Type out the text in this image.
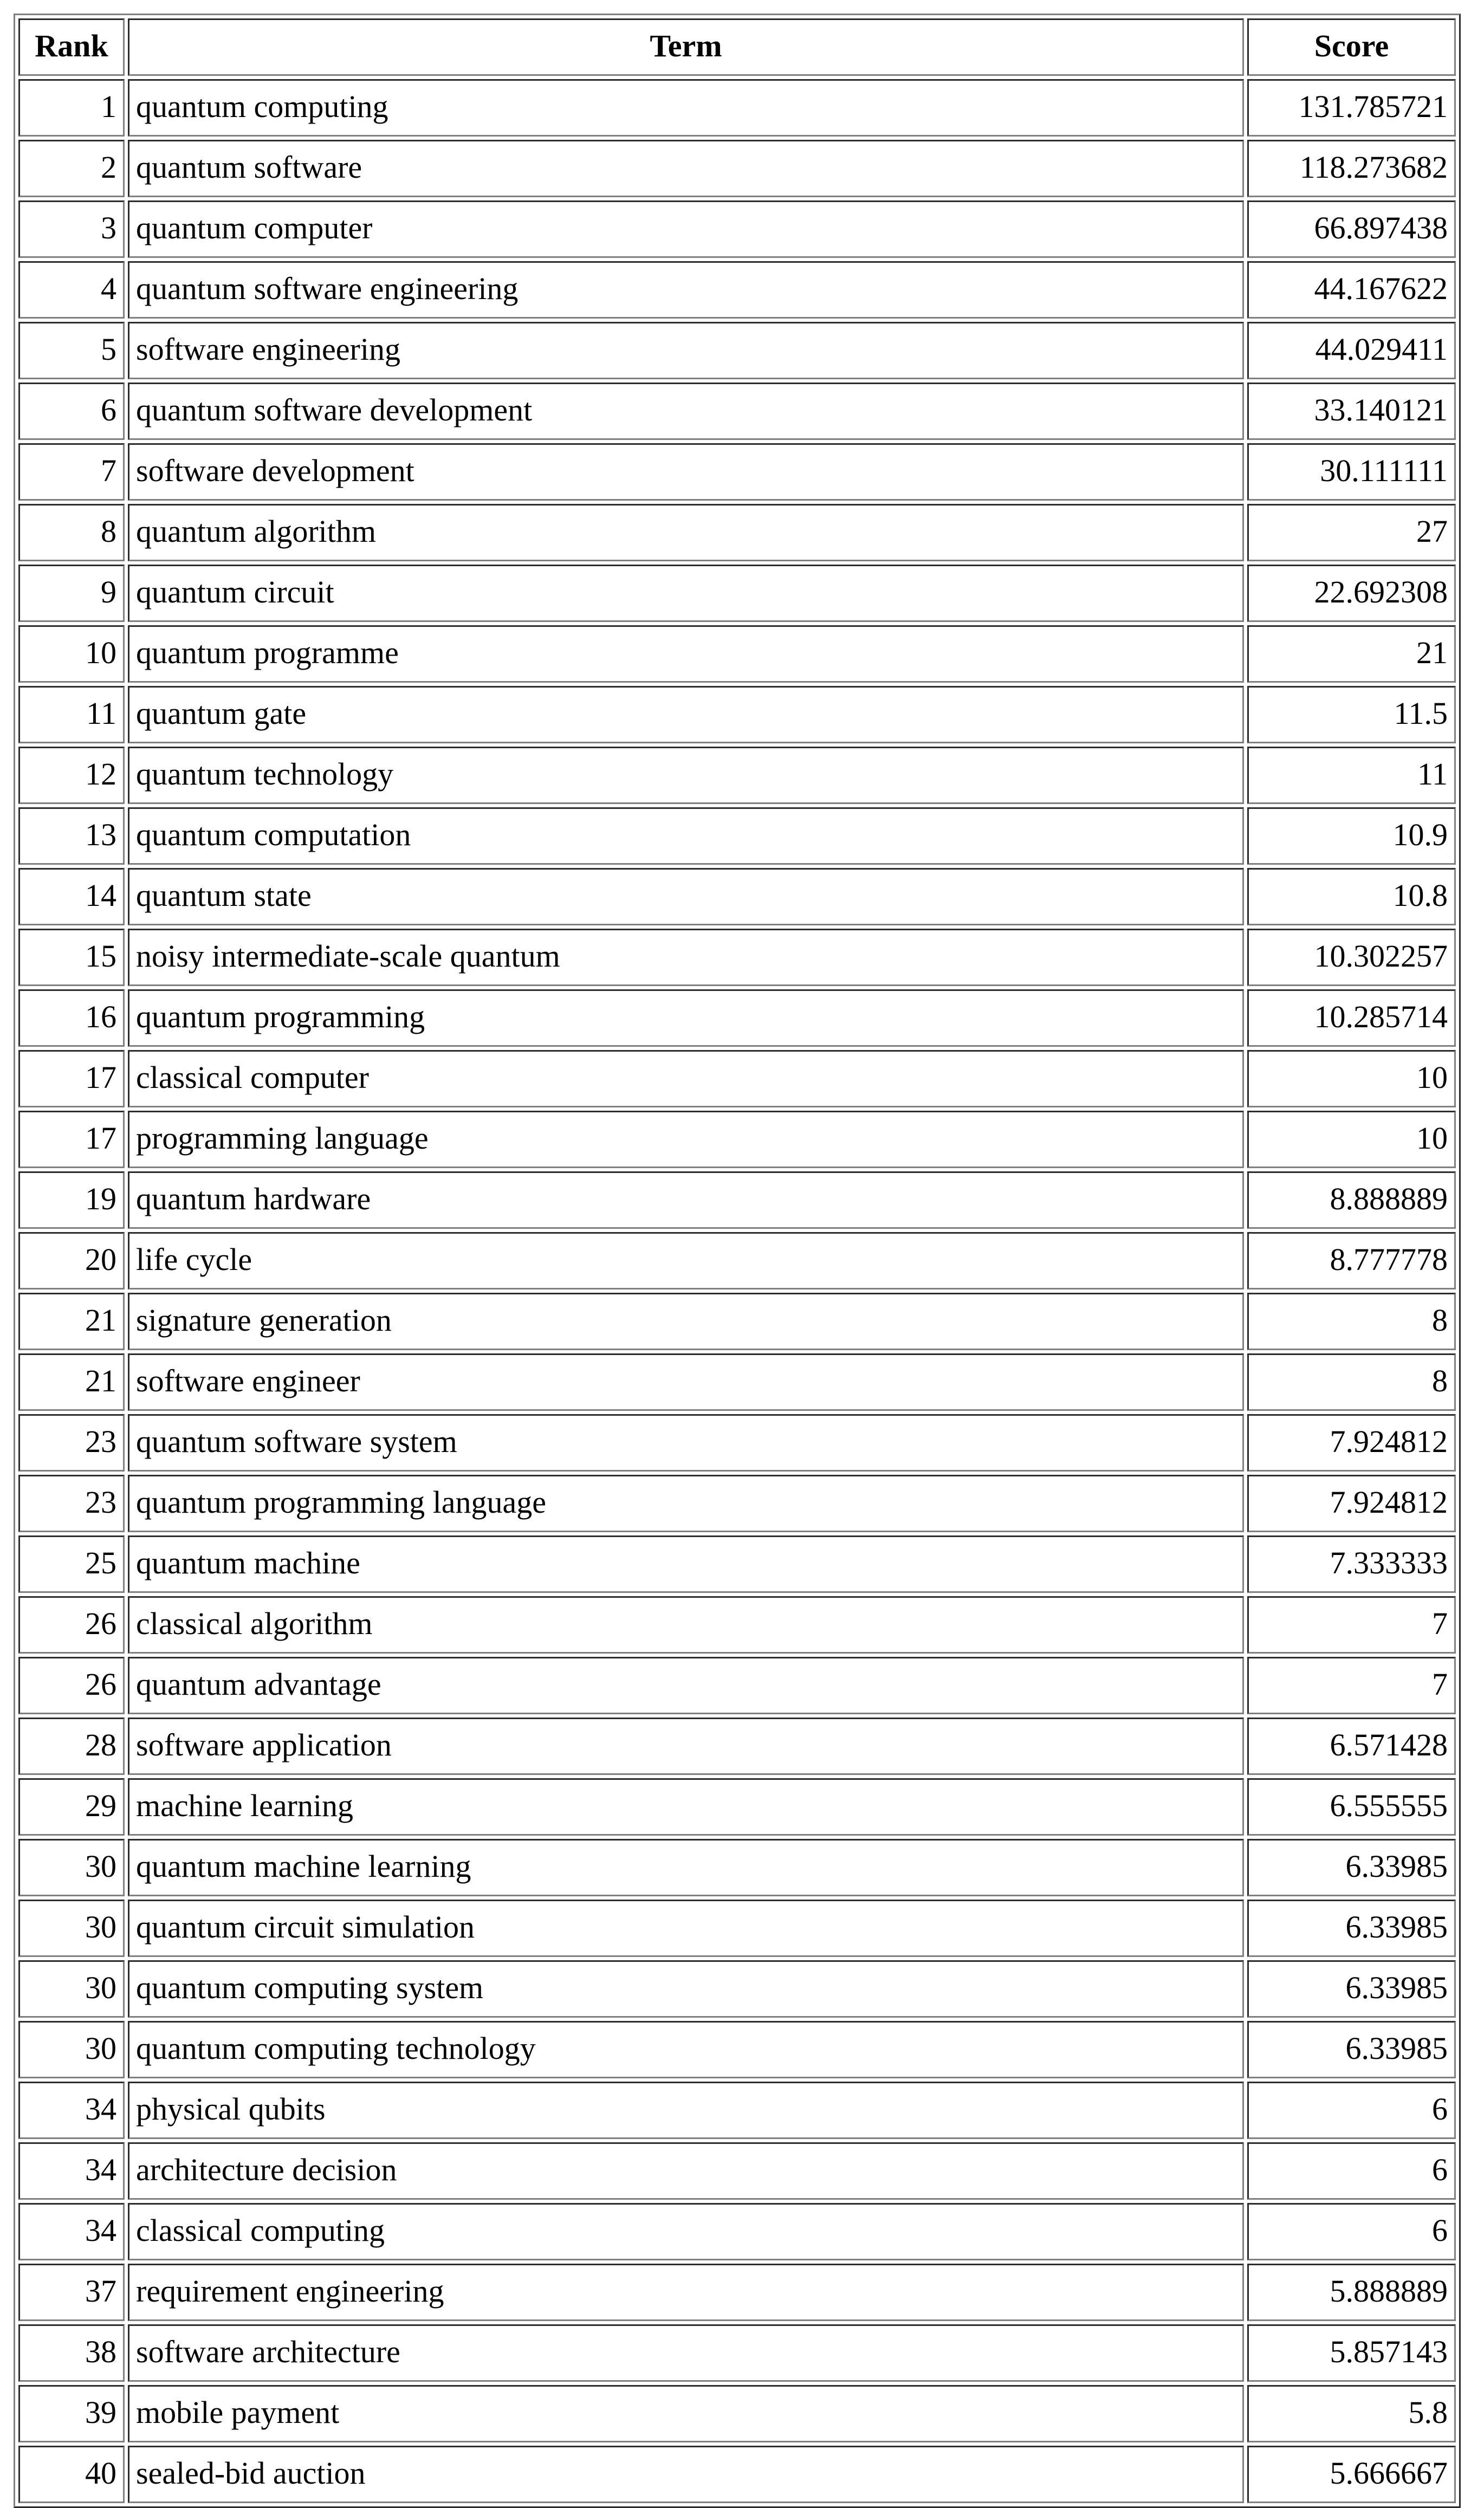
Rank	Term	Score
1	quantum computing	131.785721
2	quantum software	118.273682
3	quantum computer	66.897438
4	quantum software engineering	44.167622
5	software engineering	44.029411
6	quantum software development	33.140121
7	software development	30.111111
8	quantum algorithm	27
9	quantum circuit	22.692308
10	quantum programme	21
11	quantum gate	11.5
12	quantum technology	11
13	quantum computation	10.9
14	quantum state	10.8
15	noisy intermediate-scale quantum	10.302257
16	quantum programming	10.285714
17	classical computer	10
17	programming language	10
19	quantum hardware	8.888889
20	life cycle	8.777778
21	signature generation	8
21	software engineer	8
23	quantum software system	7.924812
23	quantum programming language	7.924812
25	quantum machine	7.333333
26	classical algorithm	7
26	quantum advantage	7
28	software application	6.571428
29	machine learning	6.555555
30	quantum machine learning	6.33985
30	quantum circuit simulation	6.33985
30	quantum computing system	6.33985
30	quantum computing technology	6.33985
34	physical qubits	6
34	architecture decision	6
34	classical computing	6
37	requirement engineering	5.888889
38	software architecture	5.857143
39	mobile payment	5.8
40	sealed-bid auction	5.666667
